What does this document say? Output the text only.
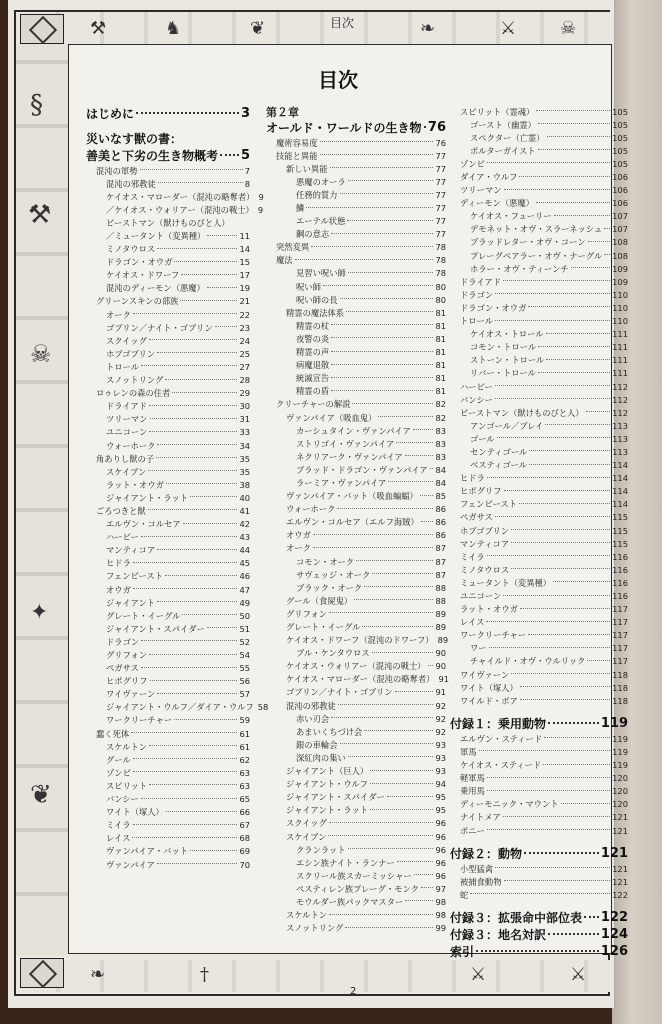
⚒	♞	❦	❧	⚔ ☠
§
⚒
☠
✦
❦
❧	†	⚔	⚔
目次
目次
はじめに	3
災いなす獣の書：
善美と下劣の生き物概考 5
混沌の軍勢	7
混沌の邪教徒	8
ケイオス・マローダー（混沌の略奪者） 9
／ケイオス・ウォリアー（混沌の戦士） 9
ビーストマン（獣けものびと人）
／ミュータント（変異種）	11
ミノタウロス	14
ドラゴン・オウガ	15
ケイオス・ドワーフ	17
混沌のディーモン（悪魔）	19
グリーンスキンの部族	21
オーク	22
ゴブリン／ナイト・ゴブリン	23
スクイッグ	24
ホブゴブリン	25
トロール	27
スノットリング	28
ロゥレンの森の住者	29
ドライアド	30
ツリーマン	31
ユニコーン	33
ウォーホーク	34
角ありし獣の子	35
スケイブン	35
ラット・オウガ	38
ジャイアント・ラット	40
ごろつきと獣	41
エルヴン・コルセア	42
ハーピー	43
マンティコア	44
ヒドラ	45
フェンビースト	46
オウガ	47
ジャイアント	49
グレート・イーグル	50
ジャイアント・スパイダー	51
ドラゴン	52
グリフォン	54
ペガサス	55
ヒポグリフ	56
ワイヴァーン	57
ジャイアント・ウルフ／ダイア・ウルフ 58
ワークリーチャー	59
蠢く死体	61
スケルトン	61
グール	62
ゾンビ	63
スピリット	63
バンシー	65
ワイト（塚人）	66
ミイラ	67
レイス	68
ヴァンパイア・バット	69
ヴァンパイア	70
第２章
オールド・ワールドの生き物 76
魔術容易度	76
技能と異能	77
新しい異能	77
悪魔のオーラ	77
任務的質力	77
鱗	77
エーテル状態	77
鋼の意志	77
突然変異	78
魔法	78
見習い呪い師	78
呪い師	80
呪い師の長	80
精霊の魔法体系	81
精霊の杖	81
夜警の炎	81
精霊の声	81
病魔退散	81
統滅宣告	81
精霊の盾	81
クリーチャーの解説	82
ヴァンパイア（吸血鬼）	82
カーシュタイン・ヴァンパイア	83
ストリゴイ・ヴァンパイア	83
ネクリアーク・ヴァンパイア	83
ブラッド・ドラゴン・ヴァンパイア 84
ラーミア・ヴァンパイア	84
ヴァンパイア・バット（吸血蝙蝠） 85
ウォーホーク	86
エルヴン・コルセア（エルフ海賊） 86
オウガ	86
オーク	87
コモン・オーク	87
サヴェッジ・オーク	87
ブラック・オーク	88
グール（食屍鬼）	88
グリフォン	89
グレート・イーグル	89
ケイオス・ドワーフ（混沌のドワーフ） 89
ブル・ケンタウロス	90
ケイオス・ウォリアー（混沌の戦士） 90
ケイオス・マローダー（混沌の略奪者） 91
ゴブリン／ナイト・ゴブリン	91
混沌の邪教徒	92
赤い刃会	92
あまいくちづけ会	92
銀の車輪会	93
深紅肉の集い	93
ジャイアント（巨人）	93
ジャイアント・ウルフ	94
ジャイアント・スパイダー	95
ジャイアント・ラット	95
スクイッグ	96
スケイブン	96
クランラット	96
エシン族ナイト・ランナー	96
スクリール族スカーミッシャー	96
ペスティレン族プレーグ・モンク 97
モウルダー族パックマスター	98
スケルトン	98
スノットリング	99
スピリット（霊魂）	105
ゴースト（幽霊）	105
スペクター（亡霊）	105
ポルターガイスト	105
ゾンビ	105
ダイア・ウルフ	106
ツリーマン	106
ディーモン（悪魔）	106
ケイオス・フューリー	107
デモネット・オヴ・スラーネッシュ 107
ブラッドレター・オヴ・コーン	108
プレーグベアラー・オヴ・ナーグル 108
ホラー・オヴ・ティーンチ	109
ドライアド	109
ドラゴン	110
ドラゴン・オウガ	110
トロール	110
ケイオス・トロール	111
コモン・トロール	111
ストーン・トロール	111
リバー・トロール	111
ハーピー	112
バンシー	112
ビーストマン（獣けものびと人）	112
アンゴール／ブレイ	113
ゴール	113
センティゴール	113
ベスティゴール	114
ヒドラ	114
ヒポグリフ	114
フェンビースト	114
ペガサス	115
ホブゴブリン	115
マンティコア	115
ミイラ	116
ミノタウロス	116
ミュータント（変異種）	116
ユニコーン	116
ラット・オウガ	117
レイス	117
ワークリーチャー	117
ワー	117
チャイルド・オヴ・ウルリック	117
ワイヴァーン	118
ワイト（塚人）	118
ワイルド・ボア	118
付録１：乗用動物	119
エルヴン・スティード	119
軍馬	119
ケイオス・スティード	119
軽軍馬	120
乗用馬	120
ディーモニック・マウント	120
ナイトメア	121
ポニー	121
付録２：動物	121
小型猛禽	121
被捕食動物	121
蛇	122
付録３：拡張命中部位表 122
付録３：地名対訳	124
索引	126
2
